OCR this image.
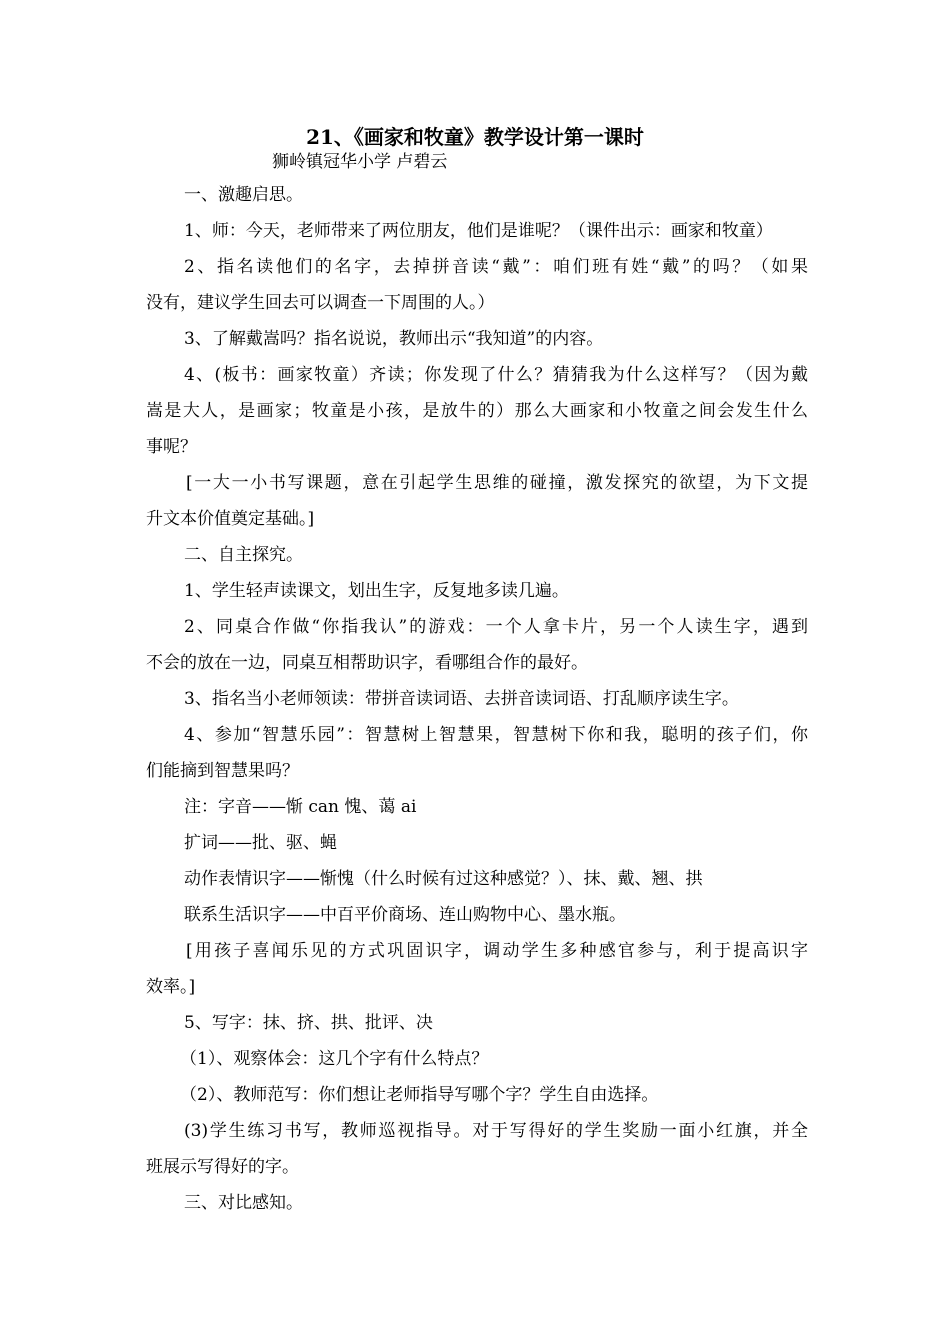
21、《画家和牧童》教学设计第一课时
狮岭镇冠华小学 卢碧云
一、激趣启思。
1、师：今天，老师带来了两位朋友，他们是谁呢？（课件出示：画家和牧童）
2、指名读他们的名字，去掉拼音读“戴”：咱们班有姓“戴”的吗？（如果
没有，建议学生回去可以调查一下周围的人。）
3、了解戴嵩吗？指名说说，教师出示“我知道”的内容。
4、(板书：画家牧童）齐读；你发现了什么？猜猜我为什么这样写？（因为戴
嵩是大人，是画家；牧童是小孩，是放牛的）那么大画家和小牧童之间会发生什么
事呢？
[一大一小书写课题，意在引起学生思维的碰撞，激发探究的欲望，为下文提
升文本价值奠定基础。]
二、自主探究。
1、学生轻声读课文，划出生字，反复地多读几遍。
2、同桌合作做“你指我认”的游戏：一个人拿卡片，另一个人读生字，遇到
不会的放在一边，同桌互相帮助识字，看哪组合作的最好。
3、指名当小老师领读：带拼音读词语、去拼音读词语、打乱顺序读生字。
4、参加“智慧乐园”：智慧树上智慧果，智慧树下你和我，聪明的孩子们，你
们能摘到智慧果吗？
注：字音——惭 can 愧、蔼 ai
扩词——批、驱、蝇
动作表情识字——惭愧（什么时候有过这种感觉？）、抹、戴、翘、拱
联系生活识字——中百平价商场、连山购物中心、墨水瓶。
[用孩子喜闻乐见的方式巩固识字，调动学生多种感官参与，利于提高识字
效率。]
5、写字：抹、挤、拱、批评、决
（1）、观察体会：这几个字有什么特点？
（2）、教师范写：你们想让老师指导写哪个字？学生自由选择。
(3)学生练习书写，教师巡视指导。对于写得好的学生奖励一面小红旗，并全
班展示写得好的字。
三、对比感知。
